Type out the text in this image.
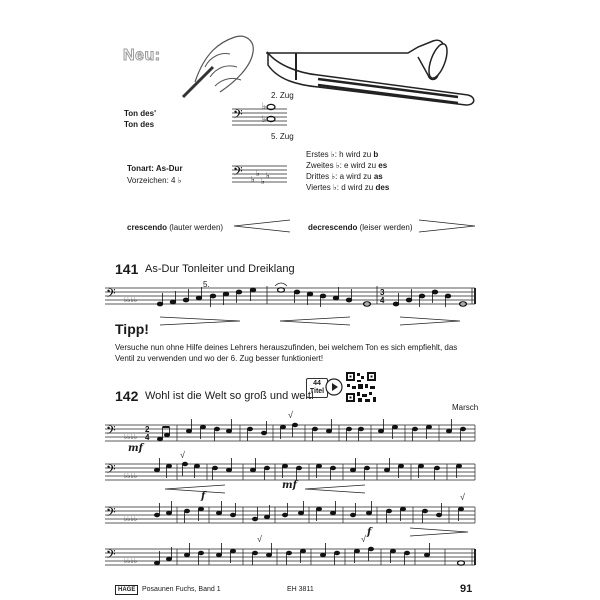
Neu:
Ton des'
Ton des
2. Zug
5. Zug
𝄢
♭
♭
Tonart: As-Dur
Vorzeichen: 4 ♭	𝄢 ♭
♭
♭
♭
Erstes ♭: h wird zu b
Zweites ♭: e wird zu es
Drittes ♭: a wird zu as
Viertes ♭: d wird zu des
crescendo (lauter werden)	decrescendo (leiser werden)
141 As-Dur Tonleiter und Dreiklang
5.
𝄢 ♭♭♭♭
3
4
Tipp!
Versuche nun ohne Hilfe deines Lehrers herauszufinden, bei welchem Ton es sich empfiehlt, das Ventil zu verwenden und wo der 6. Zug besser funktioniert!
142 Wohl ist die Welt so groß und weit!
44
Titel
Marsch
𝄢 ♭♭♭♭
2
4
√
mf
𝄢 ♭♭♭♭
√
f
mf
𝄢 ♭♭♭♭
√
f
𝄢 ♭♭♭♭
√	√
HAGE Posaunen Fuchs, Band 1	EH 3811	91
